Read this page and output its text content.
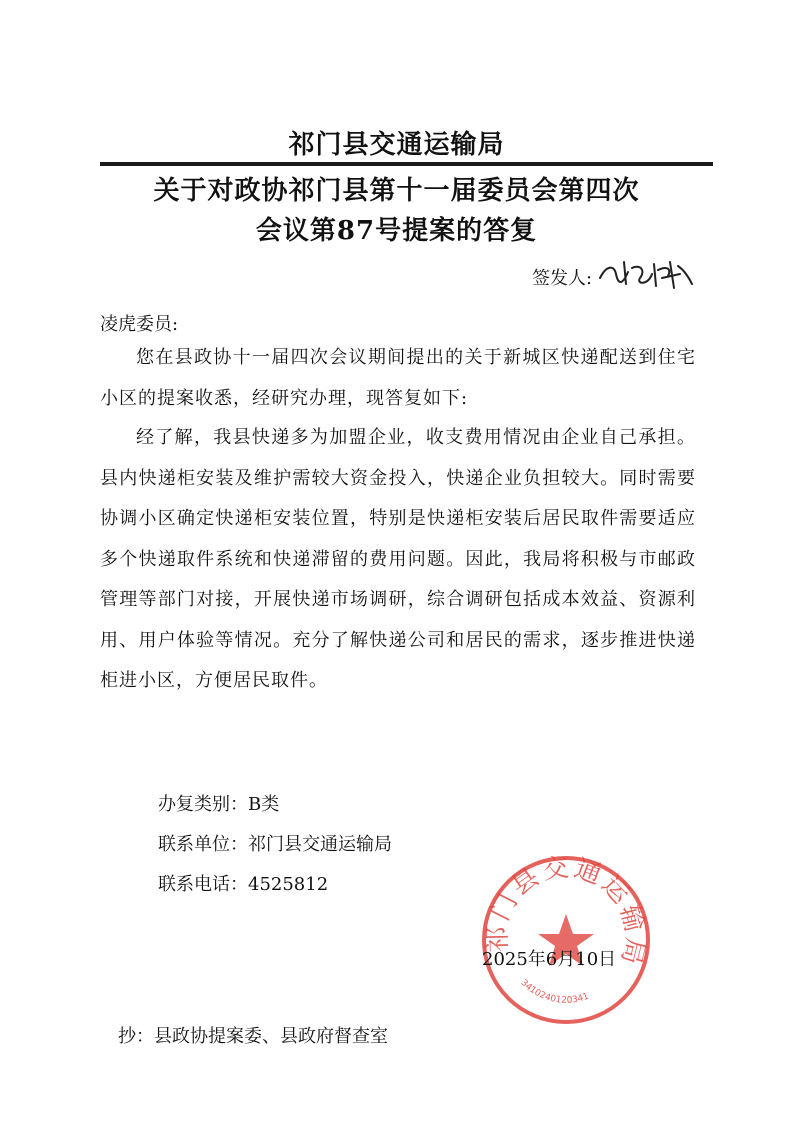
祁门县交通运输局
关于对政协祁门县第十一届委员会第四次
会议第87号提案的答复
签发人:
凌虎委员:

您在县政协十一届四次会议期间提出的关于新城区快递配送到住宅小区的提案收悉，经研究办理，现答复如下:

经了解，我县快递多为加盟企业，收支费用情况由企业自己承担。县内快递柜安装及维护需较大资金投入，快递企业负担较大。同时需要协调小区确定快递柜安装位置，特别是快递柜安装后居民取件需要适应多个快递取件系统和快递滞留的费用问题。因此，我局将积极与市邮政管理等部门对接，开展快递市场调研，综合调研包括成本效益、资源利用、用户体验等情况。充分了解快递公司和居民的需求，逐步推进快递柜进小区，方便居民取件。

办复类别：B类
联系单位：祁门县交通运输局
联系电话：4525812
祁门县交通运输局
3410240120341
2025年6月10日
抄：县政协提案委、县政府督查室
